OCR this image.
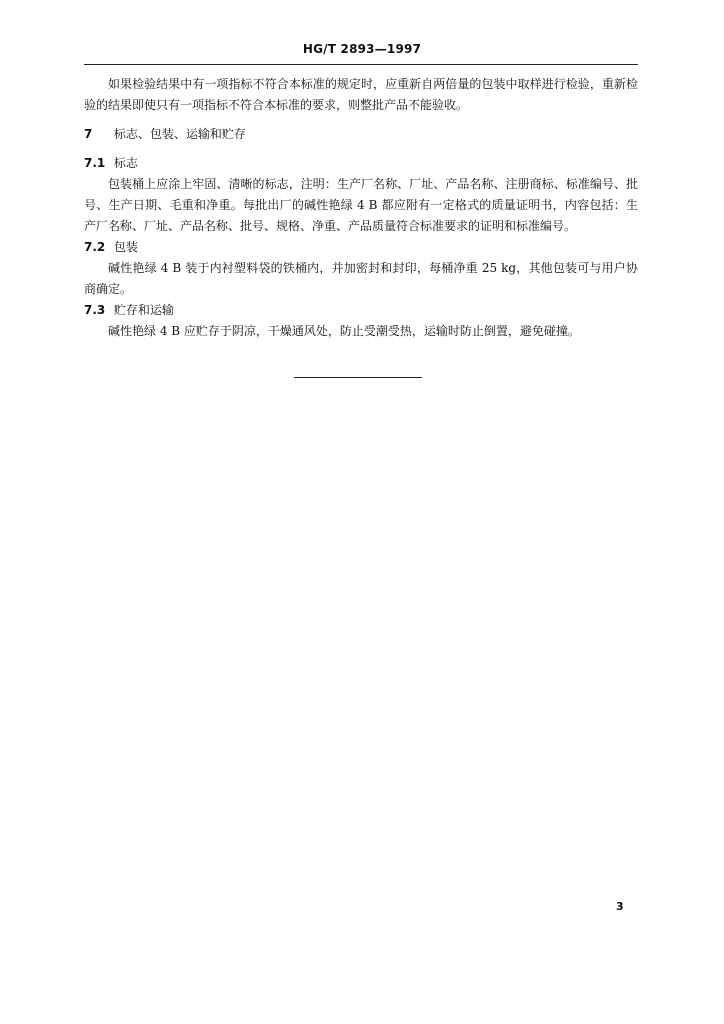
HG/T 2893—1997

如果检验结果中有一项指标不符合本标准的规定时，应重新自两倍量的包装中取样进行检验，重新检验的结果即使只有一项指标不符合本标准的要求，则整批产品不能验收。

7 标志、包装、运输和贮存
7.1 标志

包装桶上应涂上牢固、清晰的标志，注明：生产厂名称、厂址、产品名称、注册商标、标准编号、批号、生产日期、毛重和净重。每批出厂的碱性艳绿 4 B 都应附有一定格式的质量证明书，内容包括：生产厂名称、厂址、产品名称、批号、规格、净重、产品质量符合标准要求的证明和标准编号。

7.2 包装

碱性艳绿 4 B 装于内衬塑料袋的铁桶内，并加密封和封印，每桶净重 25 kg，其他包装可与用户协商确定。

7.3 贮存和运输

碱性艳绿 4 B 应贮存于阴凉，干燥通风处，防止受潮受热，运输时防止倒置，避免碰撞。

3
